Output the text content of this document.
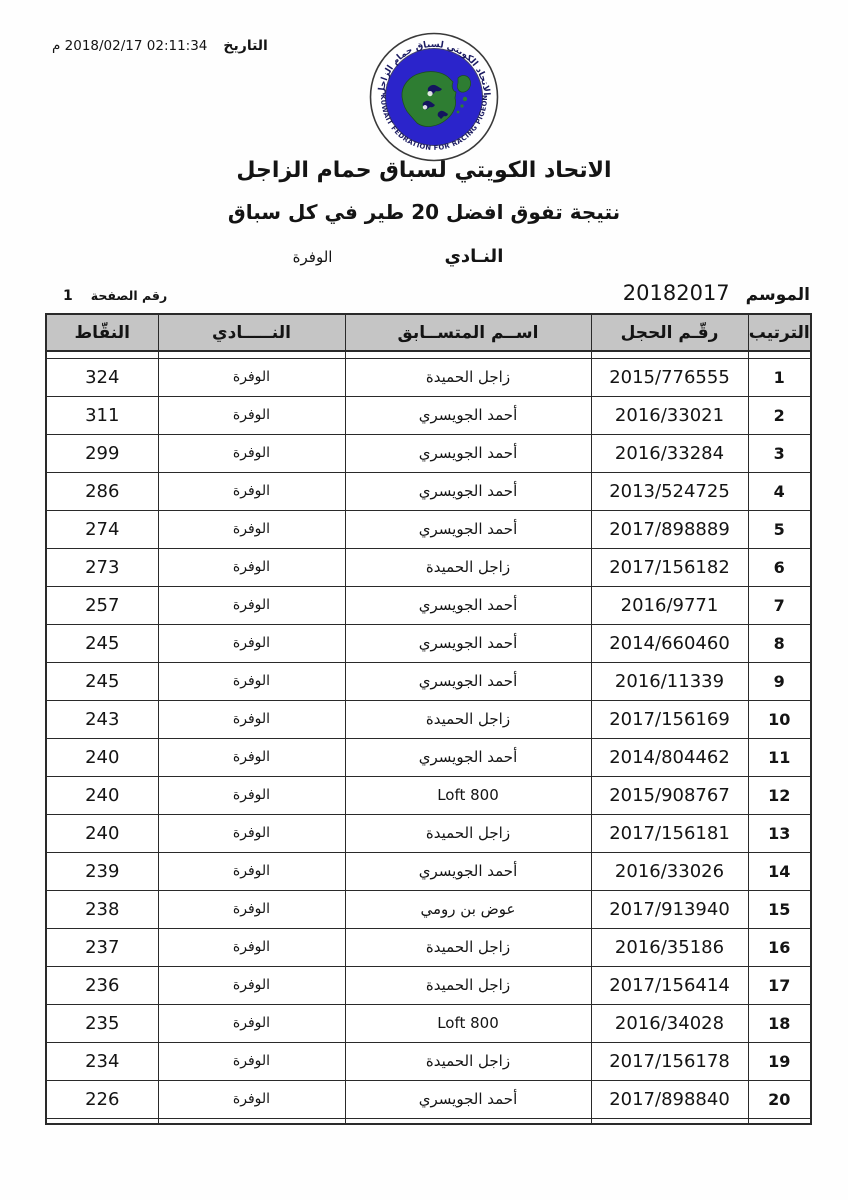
التاريخ
02:11:34 2018/02/17 م
الاتحاد الكويتي لسباق حمام الزاجل
KUWAIT FEDRATION FOR RACING PIGEON
الاتحاد الكويتي لسباق حمام الزاجل
نتيجة تفوق افضل 20 طير في كل سباق
النـادي
الوفرة
رقم الصفحة
1	الموسم
20182017
الترتيب	رقّـم الحجل	اســم المتســابق	النـــــادي	النقّاط

1	2015/776555	زاجل الحميدة	الوفرة	324
2	2016/33021	أحمد الجويسري	الوفرة	311
3	2016/33284	أحمد الجويسري	الوفرة	299
4	2013/524725	أحمد الجويسري	الوفرة	286
5	2017/898889	أحمد الجويسري	الوفرة	274
6	2017/156182	زاجل الحميدة	الوفرة	273
7	2016/9771	أحمد الجويسري	الوفرة	257
8	2014/660460	أحمد الجويسري	الوفرة	245
9	2016/11339	أحمد الجويسري	الوفرة	245
10	2017/156169	زاجل الحميدة	الوفرة	243
11	2014/804462	أحمد الجويسري	الوفرة	240
12	2015/908767	Loft 800	الوفرة	240
13	2017/156181	زاجل الحميدة	الوفرة	240
14	2016/33026	أحمد الجويسري	الوفرة	239
15	2017/913940	عوض بن رومي	الوفرة	238
16	2016/35186	زاجل الحميدة	الوفرة	237
17	2017/156414	زاجل الحميدة	الوفرة	236
18	2016/34028	Loft 800	الوفرة	235
19	2017/156178	زاجل الحميدة	الوفرة	234
20	2017/898840	أحمد الجويسري	الوفرة	226
